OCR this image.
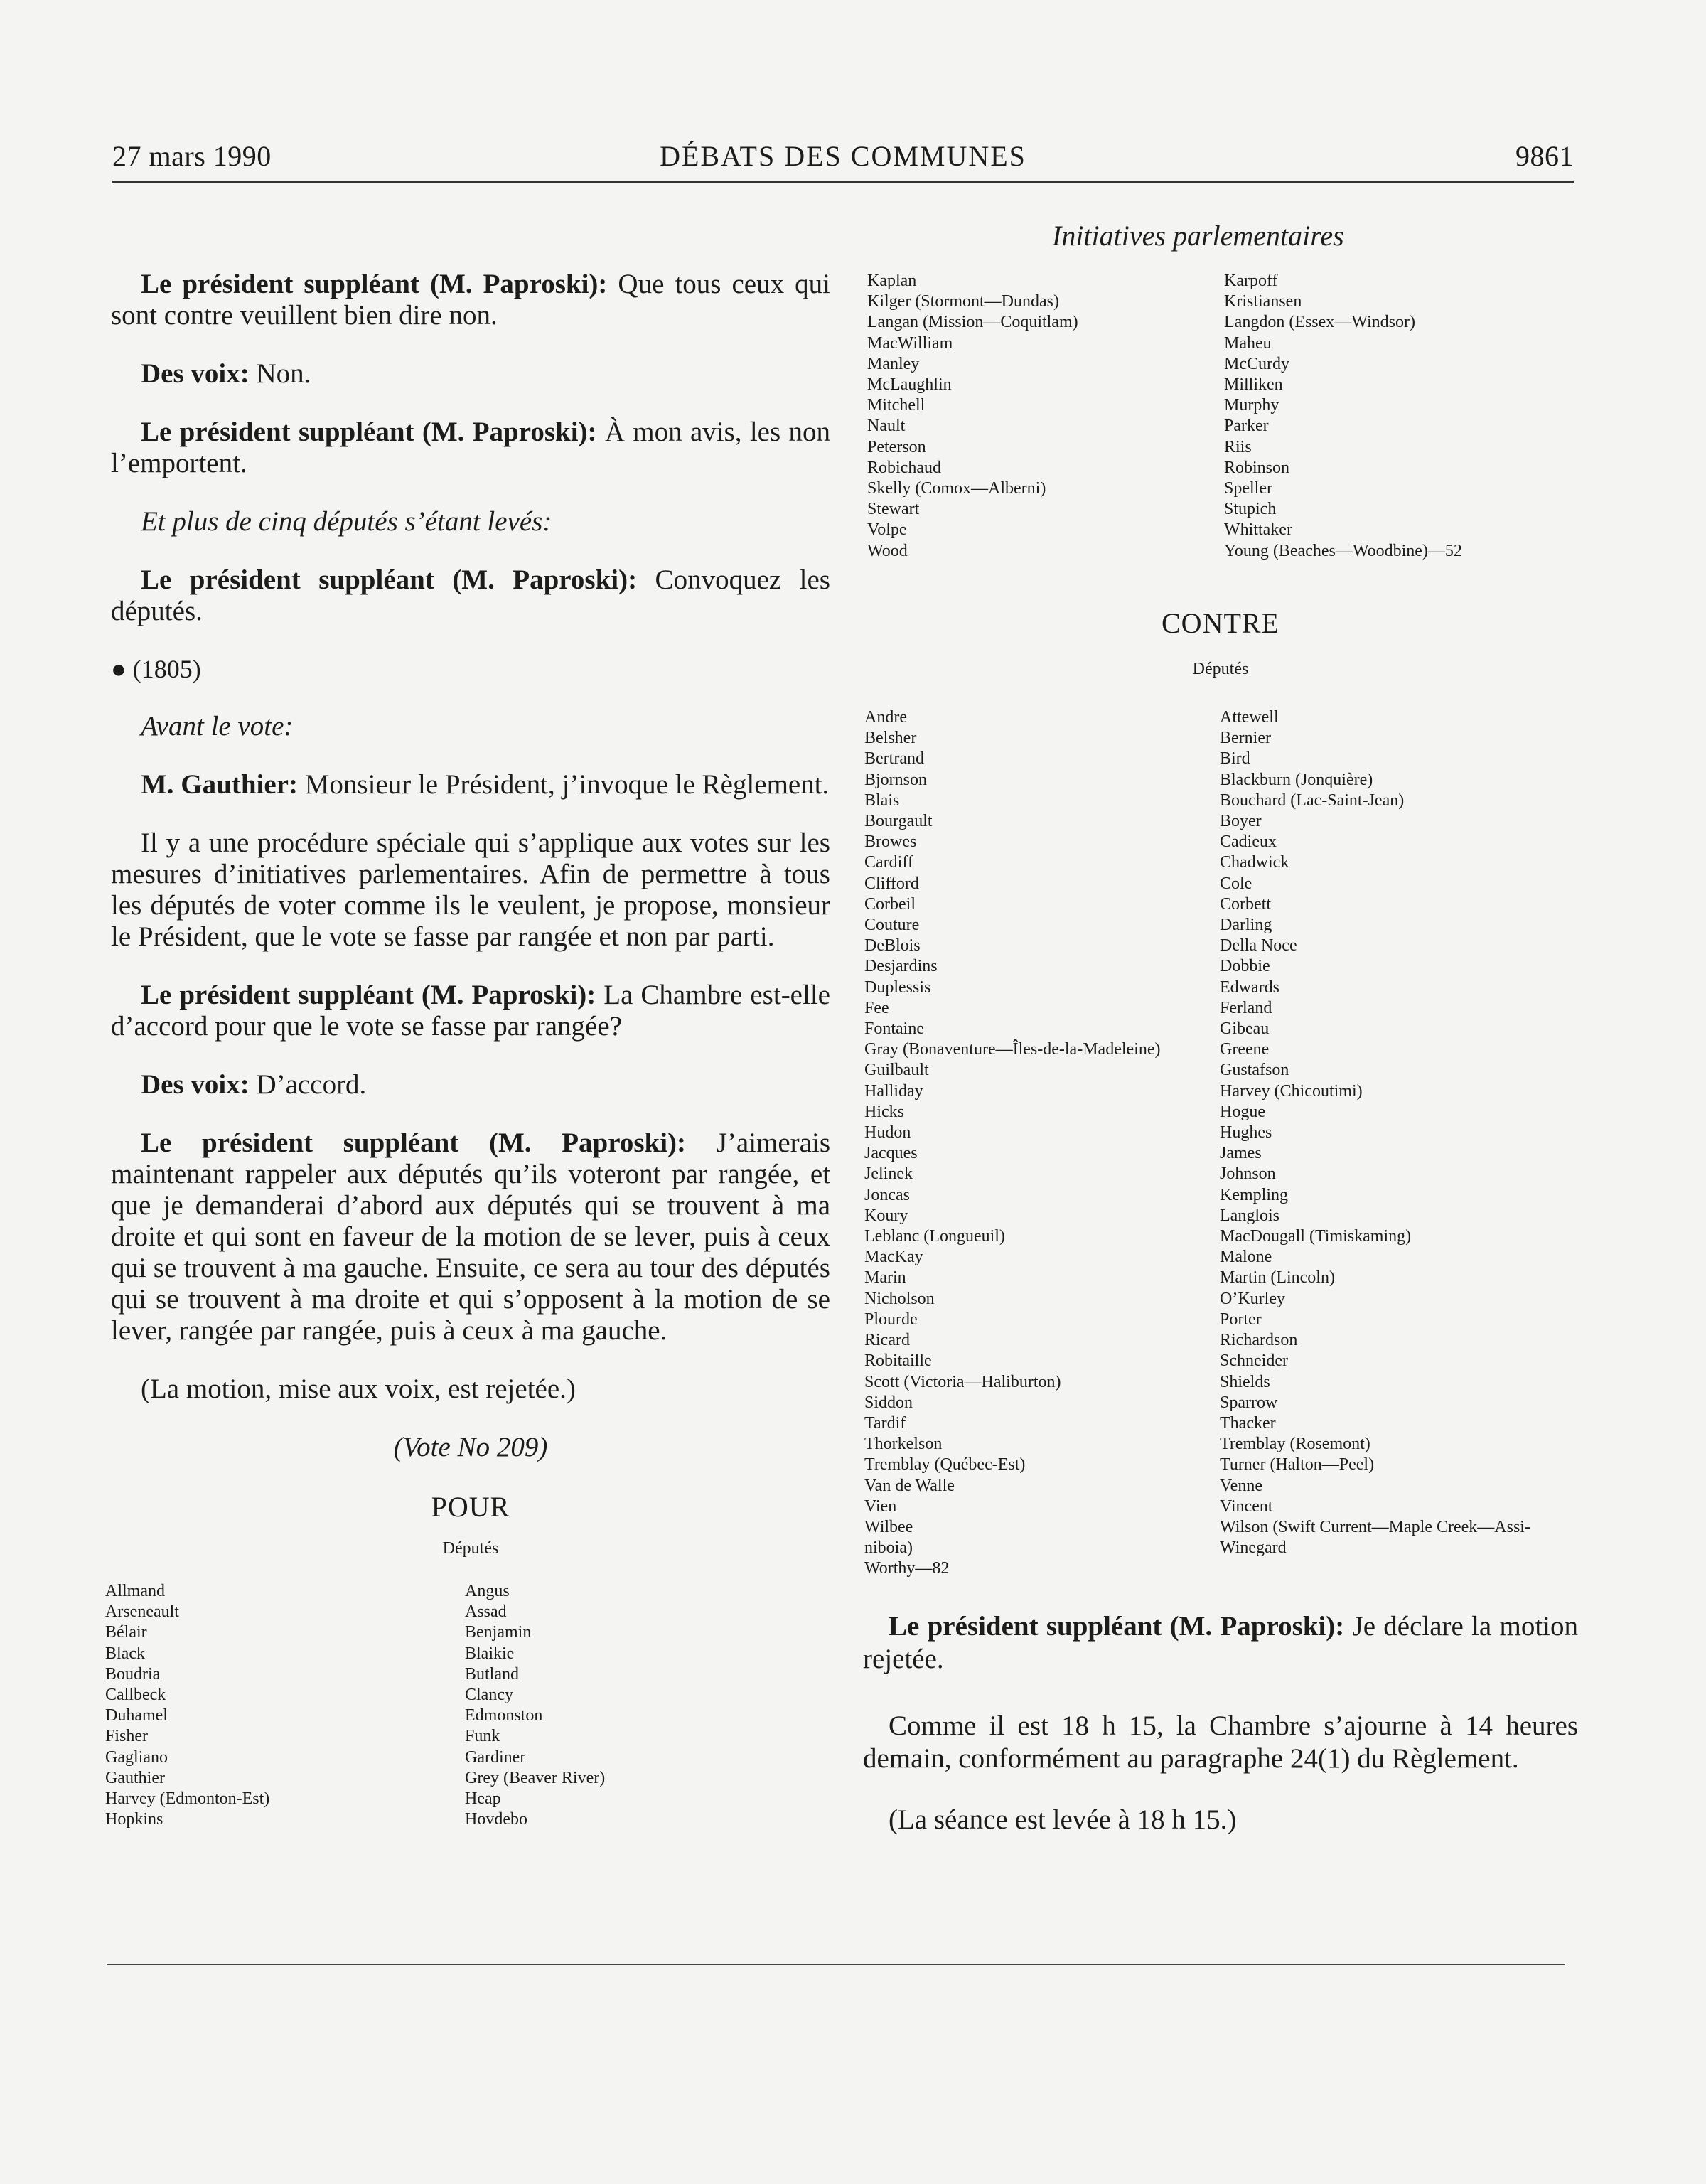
DÉBATS DES COMMUNES
27 mars 1990	9861
Initiatives parlementaires

Le président suppléant (M. Paproski): Que tous ceux qui sont contre veuillent bien dire non.

Des voix: Non.

Le président suppléant (M. Paproski): À mon avis, les non l’emportent.

Et plus de cinq députés s’étant levés:

Le président suppléant (M. Paproski): Convoquez les députés.

● (1805)

Avant le vote:

M. Gauthier: Monsieur le Président, j’invoque le Règlement.

Il y a une procédure spéciale qui s’applique aux votes sur les mesures d’initiatives parlementaires. Afin de permettre à tous les députés de voter comme ils le veulent, je propose, monsieur le Président, que le vote se fasse par rangée et non par parti.

Le président suppléant (M. Paproski): La Chambre est-elle d’accord pour que le vote se fasse par rangée?

Des voix: D’accord.

Le président suppléant (M. Paproski): J’aimerais maintenant rappeler aux députés qu’ils voteront par rangée, et que je demanderai d’abord aux députés qui se trouvent à ma droite et qui sont en faveur de la motion de se lever, puis à ceux qui se trouvent à ma gauche. Ensuite, ce sera au tour des députés qui se trouvent à ma droite et qui s’opposent à la motion de se lever, rangée par rangée, puis à ceux à ma gauche.

(La motion, mise aux voix, est rejetée.)

(Vote No 209)

POUR
Députés
Allmand
Arseneault
Bélair
Black
Boudria
Callbeck
Duhamel
Fisher
Gagliano
Gauthier
Harvey (Edmonton-Est)
Hopkins
Angus
Assad
Benjamin
Blaikie
Butland
Clancy
Edmonston
Funk
Gardiner
Grey (Beaver River)
Heap
Hovdebo
Kaplan
Kilger (Stormont—Dundas)
Langan (Mission—Coquitlam)
MacWilliam
Manley
McLaughlin
Mitchell
Nault
Peterson
Robichaud
Skelly (Comox—Alberni)
Stewart
Volpe
Wood
Karpoff
Kristiansen
Langdon (Essex—Windsor)
Maheu
McCurdy
Milliken
Murphy
Parker
Riis
Robinson
Speller
Stupich
Whittaker
Young (Beaches—Woodbine)—52
CONTRE
Députés
Andre
Belsher
Bertrand
Bjornson
Blais
Bourgault
Browes
Cardiff
Clifford
Corbeil
Couture
DeBlois
Desjardins
Duplessis
Fee
Fontaine
Gray (Bonaventure—Îles-de-la-Madeleine)
Guilbault
Halliday
Hicks
Hudon
Jacques
Jelinek
Joncas
Koury
Leblanc (Longueuil)
MacKay
Marin
Nicholson
Plourde
Ricard
Robitaille
Scott (Victoria—Haliburton)
Siddon
Tardif
Thorkelson
Tremblay (Québec-Est)
Van de Walle
Vien
Wilbee
niboia)
Worthy—82
Attewell
Bernier
Bird
Blackburn (Jonquière)
Bouchard (Lac-Saint-Jean)
Boyer
Cadieux
Chadwick
Cole
Corbett
Darling
Della Noce
Dobbie
Edwards
Ferland
Gibeau
Greene
Gustafson
Harvey (Chicoutimi)
Hogue
Hughes
James
Johnson
Kempling
Langlois
MacDougall (Timiskaming)
Malone
Martin (Lincoln)
O’Kurley
Porter
Richardson
Schneider
Shields
Sparrow
Thacker
Tremblay (Rosemont)
Turner (Halton—Peel)
Venne
Vincent
Wilson (Swift Current—Maple Creek—Assi-
Winegard

Le président suppléant (M. Paproski): Je déclare la motion rejetée.

Comme il est 18 h 15, la Chambre s’ajourne à 14 heures demain, conformément au paragraphe 24(1) du Règlement.

(La séance est levée à 18 h 15.)
